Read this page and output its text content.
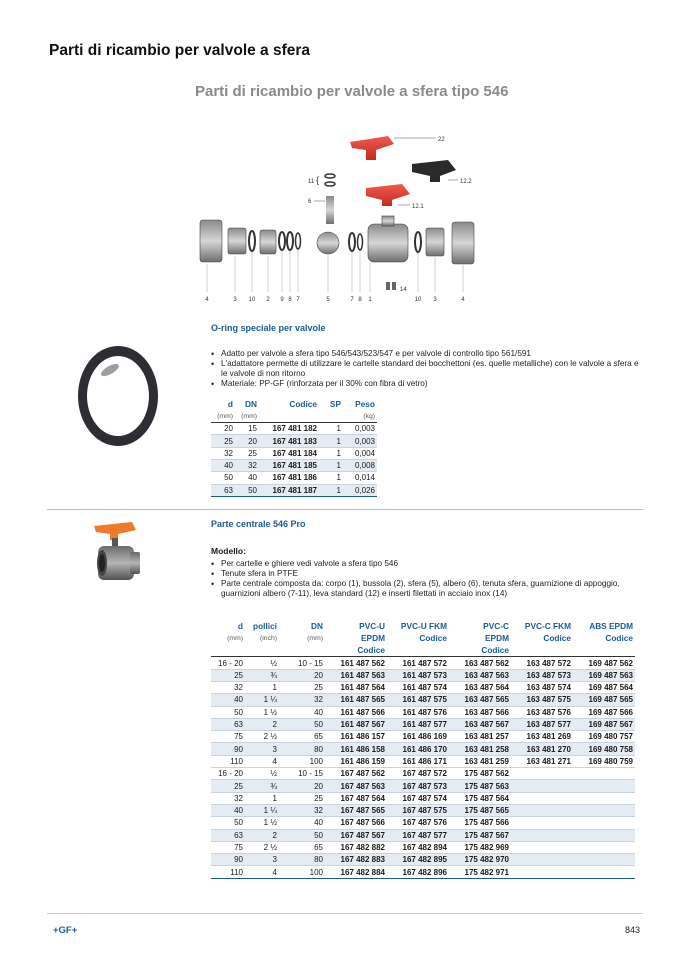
Parti di ricambio per valvole a sfera
Parti di ricambio per valvole a sfera tipo 546
22
12.2
12.1
11 {
6
14
4	3 10 2 9 8 7	5	7 8 1	10 3	4
O-ring speciale per valvole
• Adatto per valvole a sfera tipo 546/543/523/547 e per valvole di controllo tipo 561/591
• L'adattatore permette di utilizzare le cartelle standard dei bocchettoni (es. quelle metalliche) con le valvole a sfera e le valvole di non ritorno
• Materiale: PP-GF (rinforzata per il 30% con fibra di vetro)
d	DN	Codice	SP	Peso
(mm)	(mm)			(kg)
20	15	167 481 182	1	0,003
25	20	167 481 183	1	0,003
32	25	167 481 184	1	0,004
40	32	167 481 185	1	0,008
50	40	167 481 186	1	0,014
63	50	167 481 187	1	0,026
Parte centrale 546 Pro
Modello:
• Per cartelle e ghiere vedi valvole a sfera tipo 546
• Tenute sfera in PTFE
• Parte centrale composta da: corpo (1), bussola (2), sfera (5), albero (6), tenuta sfera, guarnizione di appoggio, guarnizioni albero (7-11), leva standard (12) e inserti filettati in acciaio inox (14)
d	pollici	DN	PVC-U	PVC-U FKM	PVC-C	PVC-C FKM	ABS EPDM
(mm)	(inch)	(mm)	EPDM	Codice	EPDM	Codice	Codice
			Codice		Codice		
16 - 20	½	10 - 15	161 487 562	161 487 572	163 487 562	163 487 572	169 487 562
25	¾	20	161 487 563	161 487 573	163 487 563	163 487 573	169 487 563
32	1	25	161 487 564	161 487 574	163 487 564	163 487 574	169 487 564
40	1 ¼	32	161 487 565	161 487 575	163 487 565	163 487 575	169 487 565
50	1 ½	40	161 487 566	161 487 576	163 487 566	163 487 576	169 487 566
63	2	50	161 487 567	161 487 577	163 487 567	163 487 577	169 487 567
75	2 ½	65	161 486 157	161 486 169	163 481 257	163 481 269	169 480 757
90	3	80	161 486 158	161 486 170	163 481 258	163 481 270	169 480 758
110	4	100	161 486 159	161 486 171	163 481 259	163 481 271	169 480 759
16 - 20	½	10 - 15	167 487 562	167 487 572	175 487 562		
25	¾	20	167 487 563	167 487 573	175 487 563		
32	1	25	167 487 564	167 487 574	175 487 564		
40	1 ¼	32	167 487 565	167 487 575	175 487 565		
50	1 ½	40	167 487 566	167 487 576	175 487 566		
63	2	50	167 487 567	167 487 577	175 487 567		
75	2 ½	65	167 482 882	167 482 894	175 482 969		
90	3	80	167 482 883	167 482 895	175 482 970		
110	4	100	167 482 884	167 482 896	175 482 971		
+GF+	843
